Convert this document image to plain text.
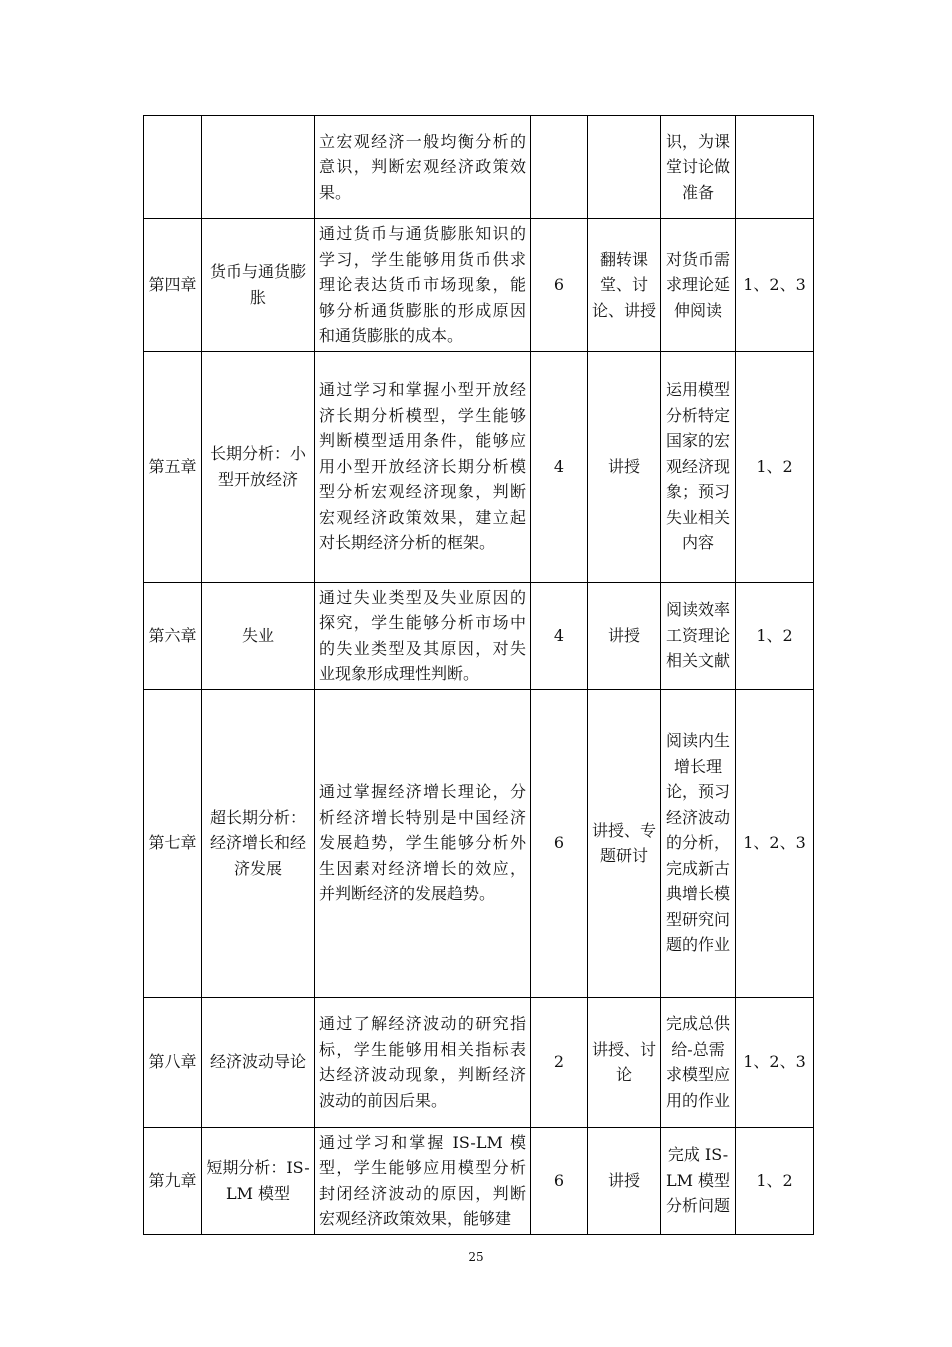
		立宏观经济一般均衡分析的意识，判断宏观经济政策效果。			识，为课堂讨论做准备	
第四章	货币与通货膨胀	通过货币与通货膨胀知识的学习，学生能够用货币供求理论表达货币市场现象，能够分析通货膨胀的形成原因和通货膨胀的成本。	6	翻转课堂、讨论、讲授	对货币需求理论延伸阅读	1、2、3
第五章	长期分析：小型开放经济	通过学习和掌握小型开放经济长期分析模型，学生能够判断模型适用条件，能够应用小型开放经济长期分析模型分析宏观经济现象，判断宏观经济政策效果，建立起对长期经济分析的框架。	4	讲授	运用模型分析特定国家的宏观经济现象；预习失业相关内容	1、2
第六章	失业	通过失业类型及失业原因的探究，学生能够分析市场中的失业类型及其原因，对失业现象形成理性判断。	4	讲授	阅读效率工资理论相关文献	1、2
第七章	超长期分析：经济增长和经济发展	通过掌握经济增长理论，分析经济增长特别是中国经济发展趋势，学生能够分析外生因素对经济增长的效应，并判断经济的发展趋势。	6	讲授、专题研讨	阅读内生增长理论，预习经济波动的分析，完成新古典增长模型研究问题的作业	1、2、3
第八章	经济波动导论	通过了解经济波动的研究指标，学生能够用相关指标表达经济波动现象，判断经济波动的前因后果。	2	讲授、讨论	完成总供给-总需求模型应用的作业	1、2、3
第九章	短期分析：IS-LM 模型	通过学习和掌握 IS-LM 模型，学生能够应用模型分析封闭经济波动的原因，判断宏观经济政策效果，能够建	6	讲授	完成 IS-LM 模型分析问题	1、2
25
